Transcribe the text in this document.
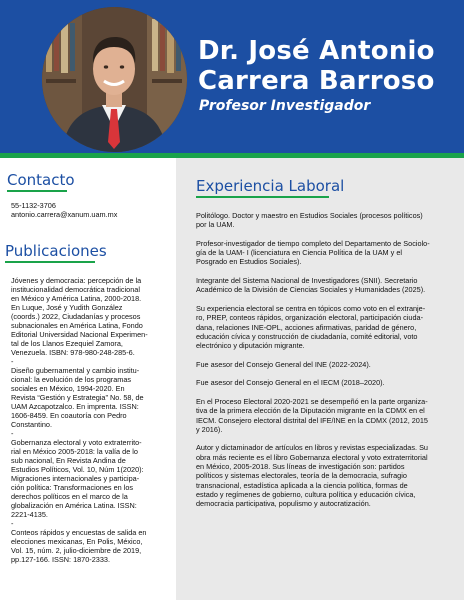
Dr. José Antonio
Carrera Barroso
Profesor Investigador
Contacto
55-1132-3706
antonio.carrera@xanum.uam.mx
Publicaciones

Jóvenes y democracia: percepción de la
institucionalidad democrática tradicional
en México y América Latina, 2000-2018.
En Luque, José y Yudith González
(coords.) 2022, Ciudadanías y procesos
subnacionales en América Latina, Fondo
Editorial Universidad Nacional Experimen-
tal de los Llanos Ezequiel Zamora,
Venezuela. ISBN: 978-980-248-285-6.

-

Diseño gubernamental y cambio institu-
cional: la evolución de los programas
sociales en México, 1994-2020. En
Revista “Gestión y Estrategia” No. 58, de
UAM Azcapotzalco. En imprenta. ISSN:
1606-8459. En coautoría con Pedro
Constantino.

-

Gobernanza electoral y voto extraterrito-
rial en México 2005-2018: la valía de lo
sub nacional, En Revista Andina de
Estudios Políticos, Vol. 10, Núm 1(2020):
Migraciones internacionales y participa-
ción política: Transformaciones en los
derechos políticos en el marco de la
globalización en América Latina. ISSN:
2221-4135.

-

Conteos rápidos y encuestas de salida en
elecciones mexicanas, En Polis, México,
Vol. 15, núm. 2, julio-diciembre de 2019,
pp.127-166. ISSN: 1870-2333.

Experiencia Laboral

Politólogo. Doctor y maestro en Estudios Sociales (procesos políticos)
por la UAM.

Profesor-investigador de tiempo completo del Departamento de Sociolo-
gía de la UAM- I (licenciatura en Ciencia Política de la UAM y el
Posgrado en Estudios Sociales).

Integrante del Sistema Nacional de Investigadores (SNII). Secretario
Académico de la División de Ciencias Sociales y Humanidades (2025).

Su experiencia electoral se centra en tópicos como voto en el extranje-
ro, PREP, conteos rápidos, organización electoral, participación ciuda-
dana, relaciones INE-OPL, acciones afirmativas, paridad de género,
educación cívica y construcción de ciudadanía, comité editorial, voto
electrónico y diputación migrante.

Fue asesor del Consejo General del INE (2022-2024).

Fue asesor del Consejo General en el IECM (2018–2020).

En el Proceso Electoral 2020-2021 se desempeñó en la parte organiza-
tiva de la primera elección de la Diputación migrante en la CDMX en el
IECM. Consejero electoral distrital del IFE/INE en la CDMX (2012, 2015
y 2016).

Autor y dictaminador de artículos en libros y revistas especializadas. Su
obra más reciente es el libro Gobernanza electoral y voto extraterritorial
en México, 2005-2018. Sus líneas de investigación son: partidos
políticos y sistemas electorales, teoría de la democracia, sufragio
transnacional, estadística aplicada a la ciencia política, formas de
estado y regímenes de gobierno, cultura política y educación cívica,
democracia participativa, populismo y autocratización.
